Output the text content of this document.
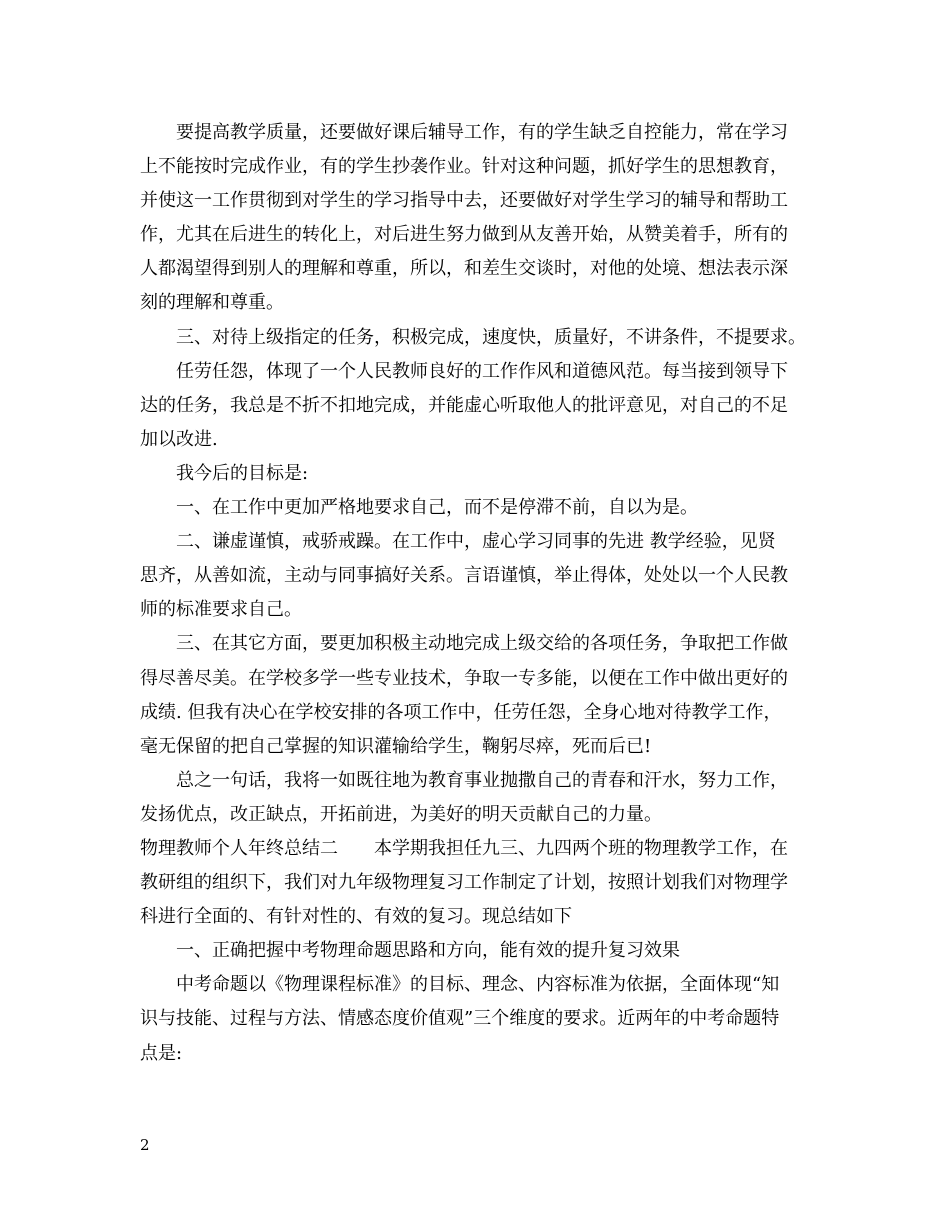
要提高教学质量，还要做好课后辅导工作，有的学生缺乏自控能力，常在学习
上不能按时完成作业，有的学生抄袭作业。针对这种问题，抓好学生的思想教育，
并使这一工作贯彻到对学生的学习指导中去，还要做好对学生学习的辅导和帮助工
作，尤其在后进生的转化上，对后进生努力做到从友善开始，从赞美着手，所有的
人都渴望得到别人的理解和尊重，所以，和差生交谈时，对他的处境、想法表示深
刻的理解和尊重。
三、对待上级指定的任务，积极完成，速度快，质量好，不讲条件，不提要求。
任劳任怨，体现了一个人民教师良好的工作作风和道德风范。每当接到领导下
达的任务，我总是不折不扣地完成，并能虚心听取他人的批评意见，对自己的不足
加以改进.
我今后的目标是:
一、在工作中更加严格地要求自己，而不是停滞不前，自以为是。
二、谦虚谨慎，戒骄戒躁。在工作中，虚心学习同事的先进 教学经验，见贤
思齐，从善如流，主动与同事搞好关系。言语谨慎，举止得体，处处以一个人民教
师的标准要求自己。
三、在其它方面，要更加积极主动地完成上级交给的各项任务，争取把工作做
得尽善尽美。在学校多学一些专业技术，争取一专多能，以便在工作中做出更好的
成绩. 但我有决心在学校安排的各项工作中，任劳任怨，全身心地对待教学工作，
毫无保留的把自己掌握的知识灌输给学生，鞠躬尽瘁，死而后已!
总之一句话，我将一如既往地为教育事业抛撒自己的青春和汗水，努力工作，
发扬优点，改正缺点，开拓前进，为美好的明天贡献自己的力量。
物理教师个人年终总结二　　本学期我担任九三、九四两个班的物理教学工作，在
教研组的组织下，我们对九年级物理复习工作制定了计划，按照计划我们对物理学
科进行全面的、有针对性的、有效的复习。现总结如下
一、正确把握中考物理命题思路和方向，能有效的提升复习效果
中考命题以《物理课程标准》的目标、理念、内容标准为依据，全面体现“知
识与技能、过程与方法、情感态度价值观”三个维度的要求。近两年的中考命题特
点是:
2
